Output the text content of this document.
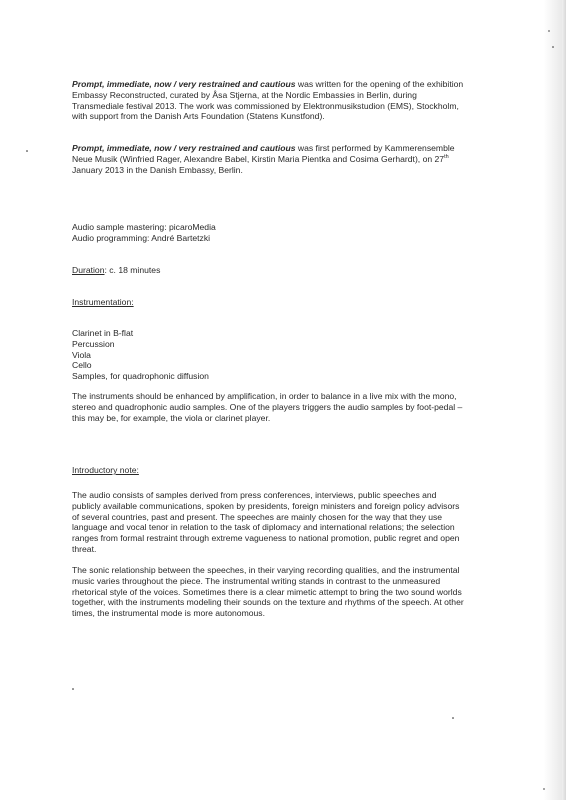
Prompt, immediate, now / very restrained and cautious was written for the opening of the exhibition Embassy Reconstructed, curated by Åsa Stjerna, at the Nordic Embassies in Berlin, during Transmediale festival 2013. The work was commissioned by Elektronmusikstudion (EMS), Stockholm, with support from the Danish Arts Foundation (Statens Kunstfond).

Prompt, immediate, now / very restrained and cautious was first performed by Kammerensemble Neue Musik (Winfried Rager, Alexandre Babel, Kirstin Maria Pientka and Cosima Gerhardt), on 27th January 2013 in the Danish Embassy, Berlin.

Audio sample mastering: picaroMedia
Audio programming: André Bartetzki
Duration: c. 18 minutes
Instrumentation:
Clarinet in B-flat
Percussion
Viola
Cello
Samples, for quadrophonic diffusion

The instruments should be enhanced by amplification, in order to balance in a live mix with the mono, stereo and quadrophonic audio samples. One of the players triggers the audio samples by foot-pedal – this may be, for example, the viola or clarinet player.

Introductory note:

The audio consists of samples derived from press conferences, interviews, public speeches and publicly available communications, spoken by presidents, foreign ministers and foreign policy advisors of several countries, past and present. The speeches are mainly chosen for the way that they use language and vocal tenor in relation to the task of diplomacy and international relations; the selection ranges from formal restraint through extreme vagueness to national promotion, public regret and open threat.

The sonic relationship between the speeches, in their varying recording qualities, and the instrumental music varies throughout the piece. The instrumental writing stands in contrast to the unmeasured rhetorical style of the voices. Sometimes there is a clear mimetic attempt to bring the two sound worlds together, with the instruments modeling their sounds on the texture and rhythms of the speech. At other times, the instrumental mode is more autonomous.
